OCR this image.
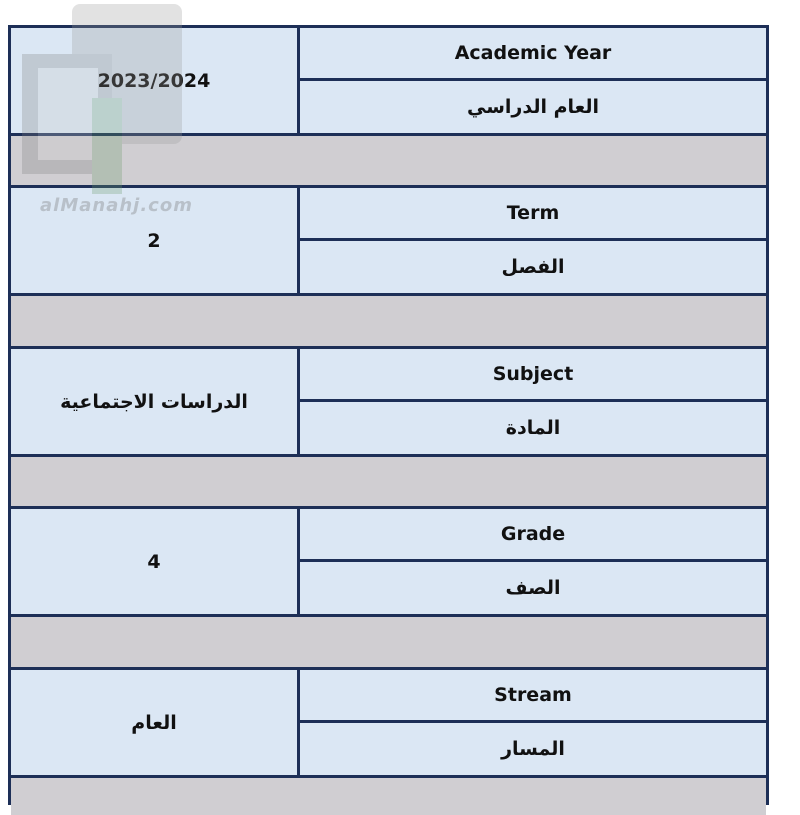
2023/2024
Academic Year
العام الدراسي
2
Term
الفصل
الدراسات الاجتماعية
Subject
المادة
4
Grade
الصف
العام
Stream
المسار
alManahj.com
